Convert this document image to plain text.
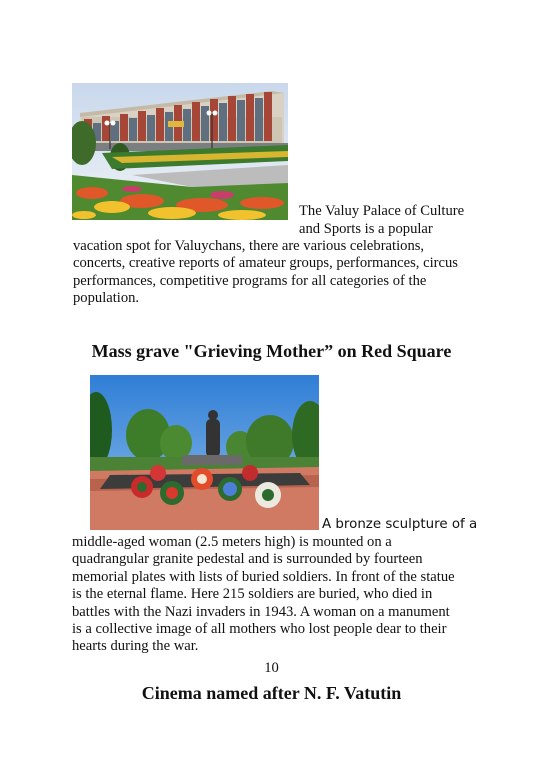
The Valuy Palace of Culture
and Sports is a popular
vacation spot for Valuychans, there are various celebrations,
concerts, creative reports of amateur groups, performances, circus
performances, competitive programs for all categories of the
population.
Mass grave "Grieving Mother” on Red Square
A bronze sculpture of a
middle-aged woman (2.5 meters high) is mounted on a
quadrangular granite pedestal and is surrounded by fourteen
memorial plates with lists of buried soldiers. In front of the statue
is the eternal flame. Here 215 soldiers are buried, who died in
battles with the Nazi invaders in 1943. A woman on a manument
is a collective image of all mothers who lost people dear to their
hearts during the war.
10
Cinema named after N. F. Vatutin
